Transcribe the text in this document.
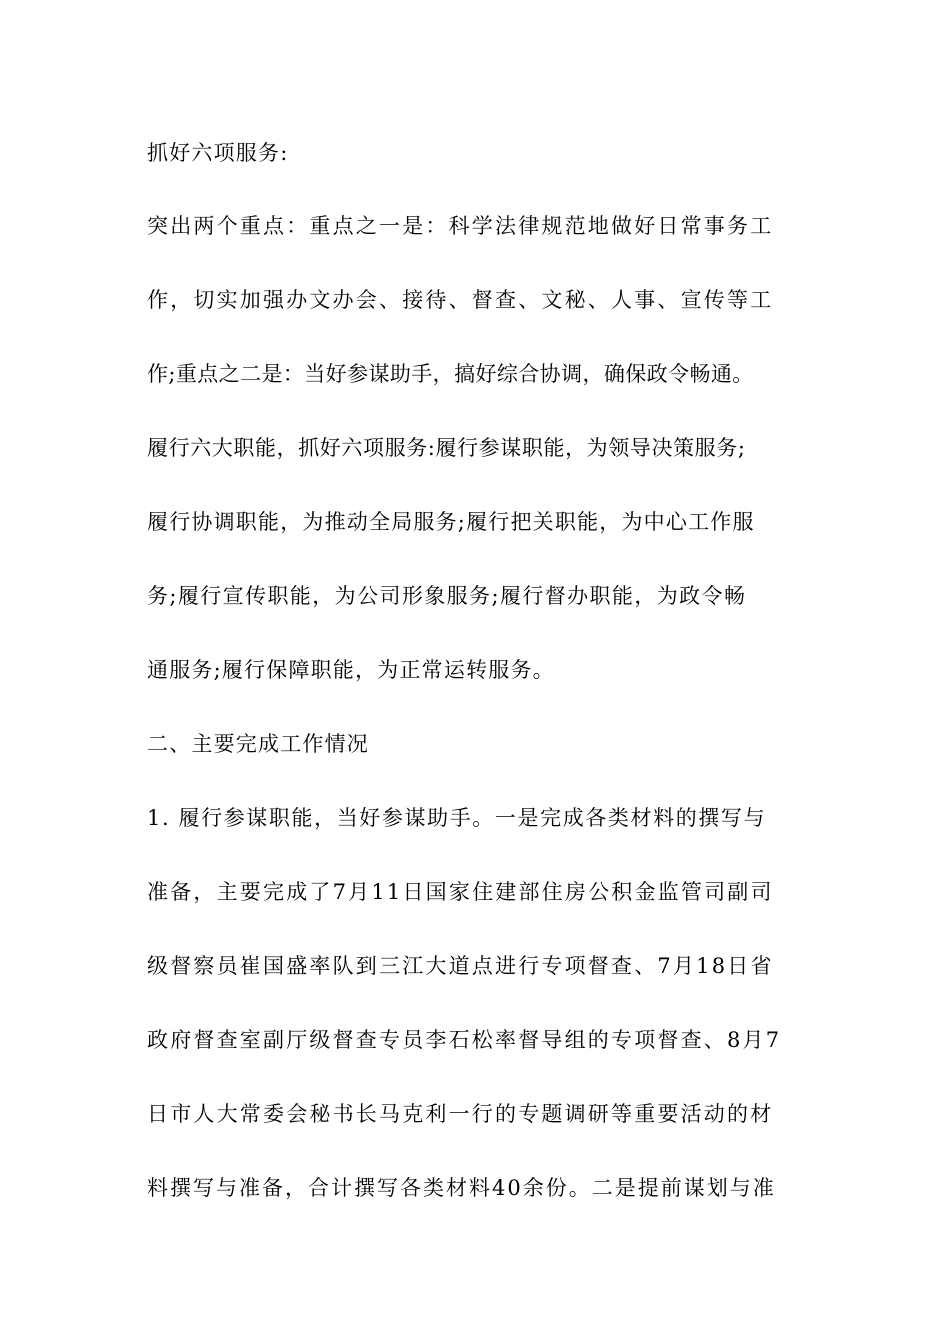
抓好六项服务:
突出两个重点：重点之一是：科学法律规范地做好日常事务工
作，切实加强办文办会、接待、督查、文秘、人事、宣传等工
作;重点之二是：当好参谋助手，搞好综合协调，确保政令畅通。
履行六大职能，抓好六项服务:履行参谋职能，为领导决策服务;
履行协调职能，为推动全局服务;履行把关职能，为中心工作服
务;履行宣传职能，为公司形象服务;履行督办职能，为政令畅
通服务;履行保障职能，为正常运转服务。
二、主要完成工作情况
1. 履行参谋职能，当好参谋助手。一是完成各类材料的撰写与
准备，主要完成了7月11日国家住建部住房公积金监管司副司
级督察员崔国盛率队到三江大道点进行专项督查、7月18日省
政府督查室副厅级督查专员李石松率督导组的专项督查、8月7
日市人大常委会秘书长马克利一行的专题调研等重要活动的材
料撰写与准备，合计撰写各类材料40余份。二是提前谋划与准
